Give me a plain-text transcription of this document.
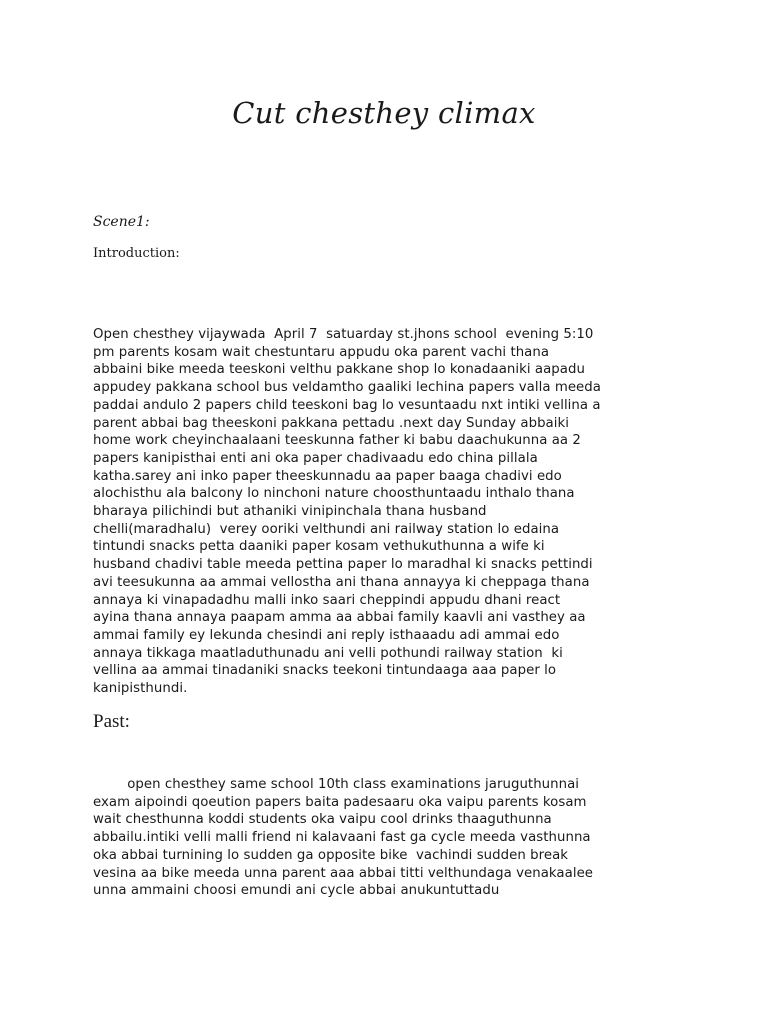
Cut chesthey climax
Scene1:
Introduction:

Open chesthey vijaywada  April 7  satuarday st.jhons school  evening 5:10
pm parents kosam wait chestuntaru appudu oka parent vachi thana
abbaini bike meeda teeskoni velthu pakkane shop lo konadaaniki aapadu
appudey pakkana school bus veldamtho gaaliki lechina papers valla meeda
paddai andulo 2 papers child teeskoni bag lo vesuntaadu nxt intiki vellina a
parent abbai bag theeskoni pakkana pettadu .next day Sunday abbaiki
home work cheyinchaalaani teeskunna father ki babu daachukunna aa 2
papers kanipisthai enti ani oka paper chadivaadu edo china pillala
katha.sarey ani inko paper theeskunnadu aa paper baaga chadivi edo
alochisthu ala balcony lo ninchoni nature choosthuntaadu inthalo thana
bharaya pilichindi but athaniki vinipinchala thana husband
chelli(maradhalu)  verey ooriki velthundi ani railway station lo edaina
tintundi snacks petta daaniki paper kosam vethukuthunna a wife ki
husband chadivi table meeda pettina paper lo maradhal ki snacks pettindi
avi teesukunna aa ammai vellostha ani thana annayya ki cheppaga thana
annaya ki vinapadadhu malli inko saari cheppindi appudu dhani react
ayina thana annaya paapam amma aa abbai family kaavli ani vasthey aa
ammai family ey lekunda chesindi ani reply isthaaadu adi ammai edo
annaya tikkaga maatladuthunadu ani velli pothundi railway station  ki
vellina aa ammai tinadaniki snacks teekoni tintundaaga aaa paper lo
kanipisthundi.

Past:

open chesthey same school 10th class examinations jaruguthunnai
exam aipoindi qoeution papers baita padesaaru oka vaipu parents kosam
wait chesthunna koddi students oka vaipu cool drinks thaaguthunna
abbailu.intiki velli malli friend ni kalavaani fast ga cycle meeda vasthunna
oka abbai turnining lo sudden ga opposite bike  vachindi sudden break
vesina aa bike meeda unna parent aaa abbai titti velthundaga venakaalee
unna ammaini choosi emundi ani cycle abbai anukuntuttadu
